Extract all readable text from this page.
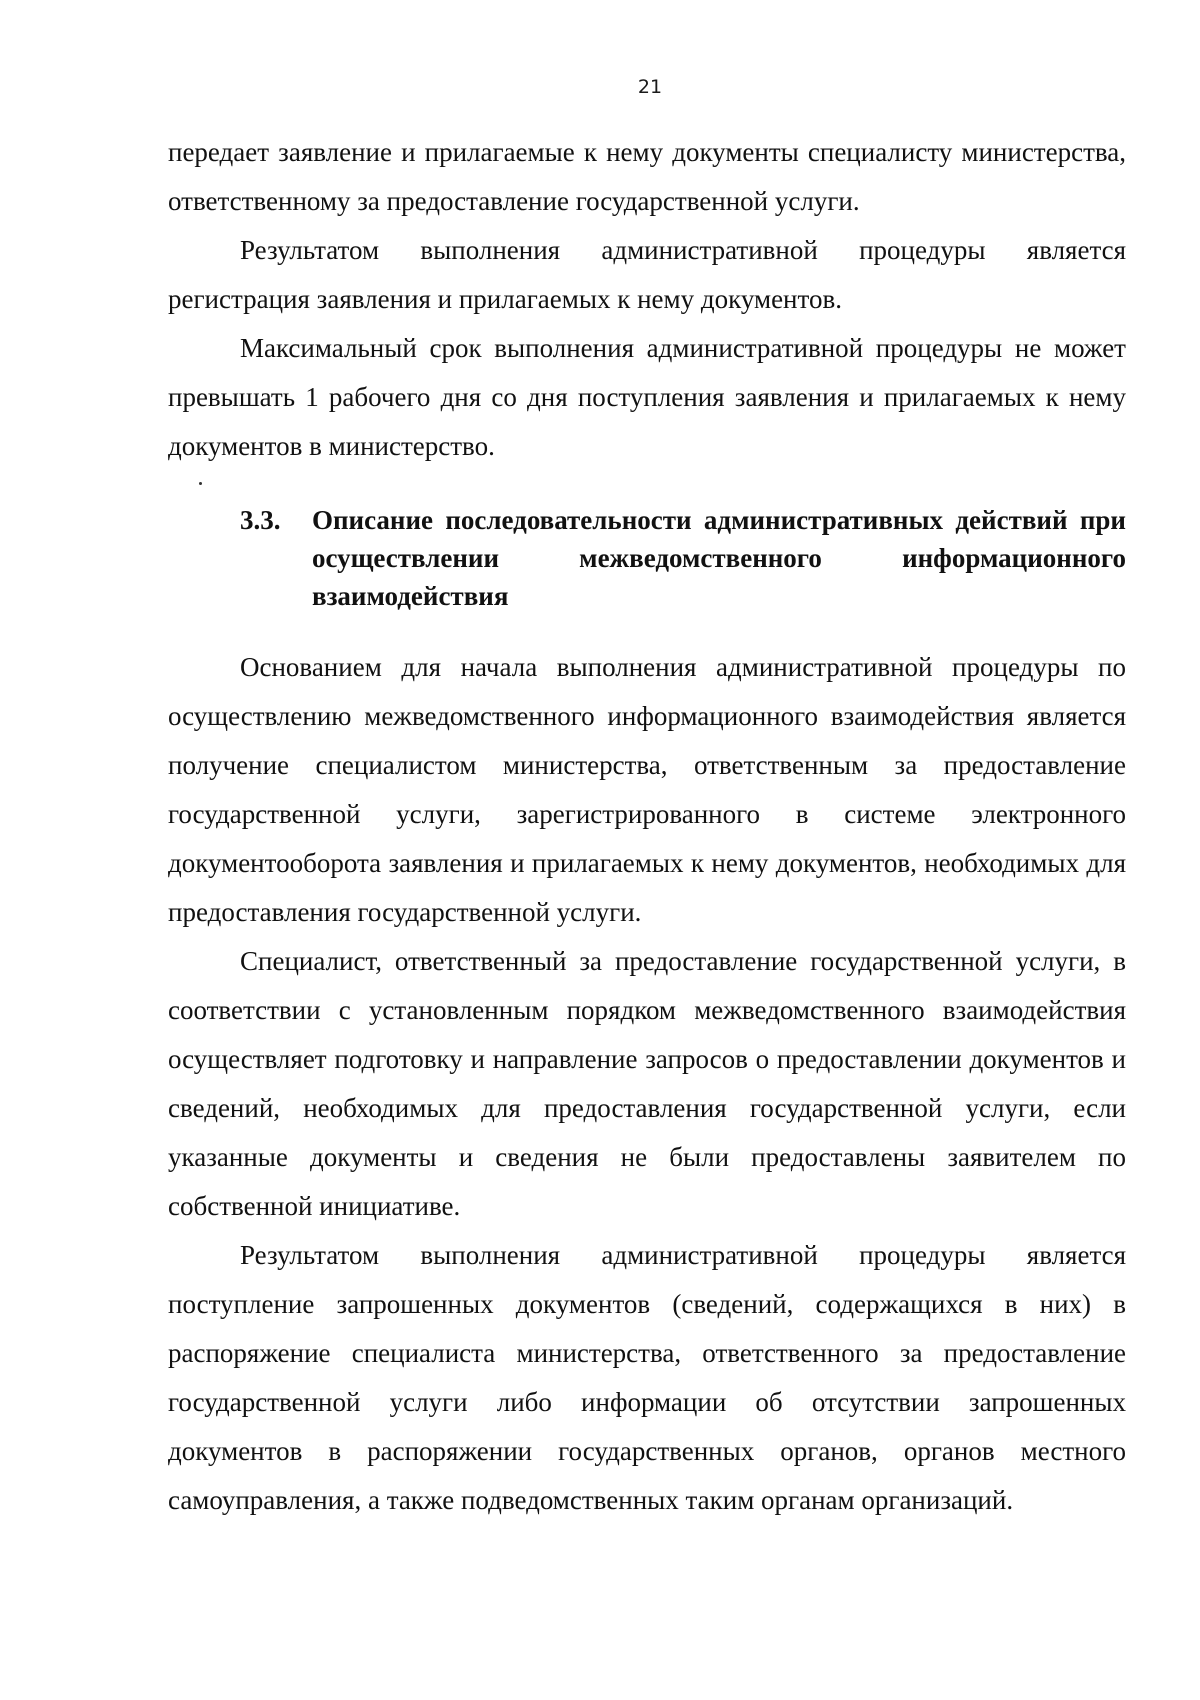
21

передает заявление и прилагаемые к нему документы специалисту министерства, ответственному за предоставление государственной услуги.

Результатом выполнения административной процедуры является регистрация заявления и прилагаемых к нему документов.

Максимальный срок выполнения административной процедуры не может превышать 1 рабочего дня со дня поступления заявления и прилагаемых к нему документов в министерство.

3.3. Описание последовательности административных действий при осуществлении межведомственного информационного взаимодействия

Основанием для начала выполнения административной процедуры по осуществлению межведомственного информационного взаимодействия является получение специалистом министерства, ответственным за предоставление государственной услуги, зарегистрированного в системе электронного документооборота заявления и прилагаемых к нему документов, необходимых для предоставления государственной услуги.

Специалист, ответственный за предоставление государственной услуги, в соответствии с установленным порядком межведомственного взаимодействия осуществляет подготовку и направление запросов о предоставлении документов и сведений, необходимых для предоставления государственной услуги, если указанные документы и сведения не были предоставлены заявителем по собственной инициативе.

Результатом выполнения административной процедуры является поступление запрошенных документов (сведений, содержащихся в них) в распоряжение специалиста министерства, ответственного за предоставление государственной услуги либо информации об отсутствии запрошенных документов в распоряжении государственных органов, органов местного самоуправления, а также подведомственных таким органам организаций.
